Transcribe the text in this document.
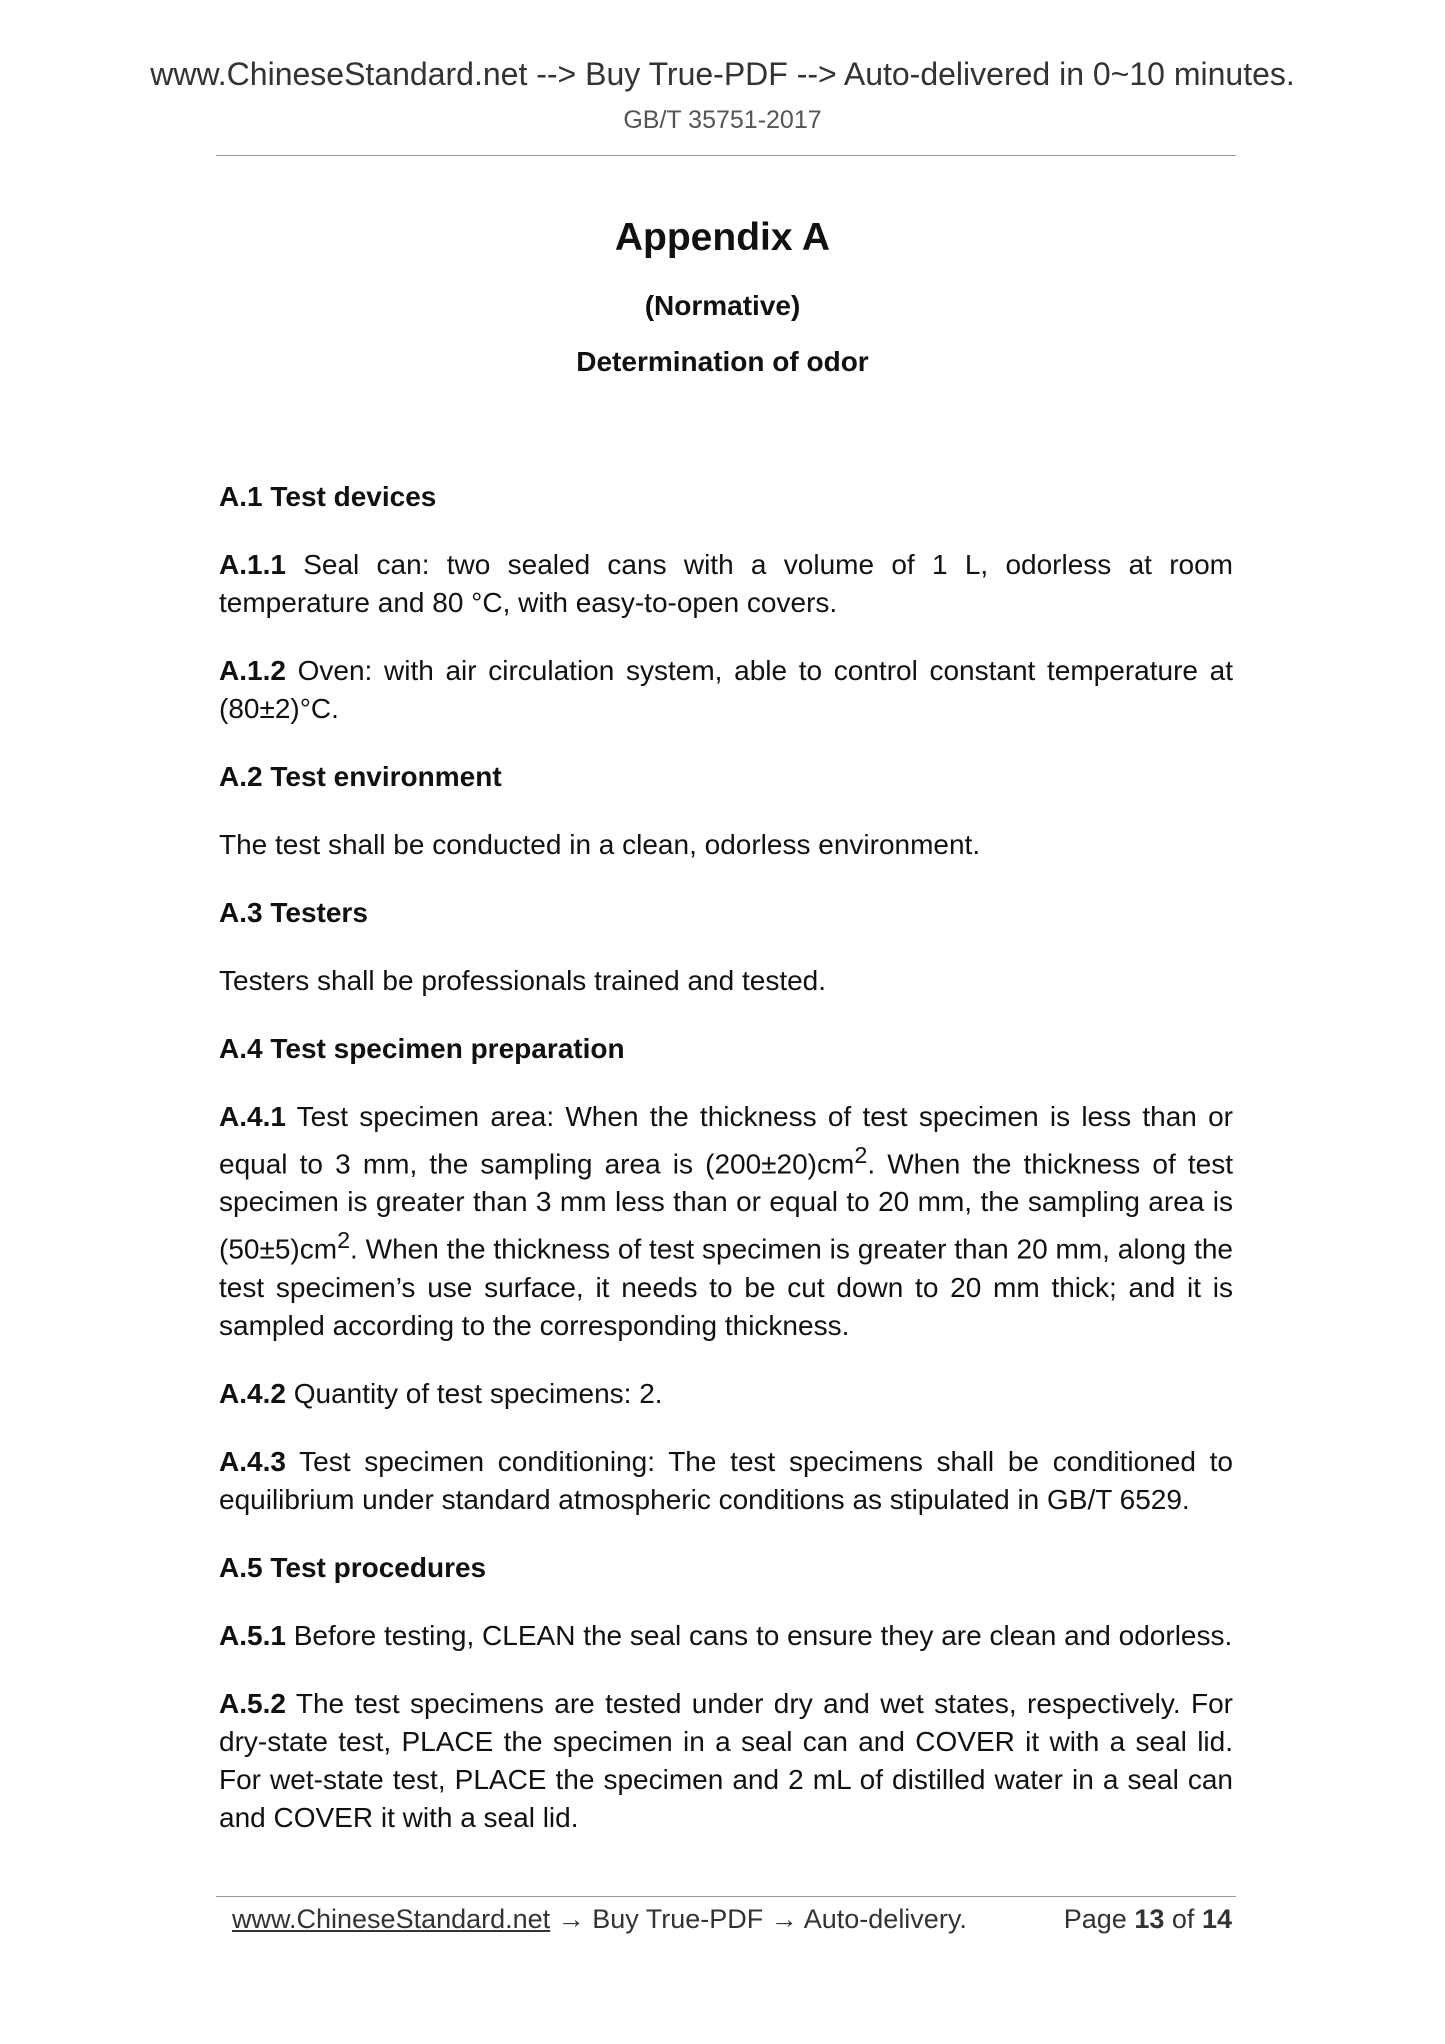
www.ChineseStandard.net --> Buy True-PDF --> Auto-delivered in 0~10 minutes.
GB/T 35751-2017
Appendix A
(Normative)
Determination of odor
A.1 Test devices

A.1.1 Seal can: two sealed cans with a volume of 1 L, odorless at room temperature and 80 °C, with easy-to-open covers.

A.1.2 Oven: with air circulation system, able to control constant temperature at (80±2)°C.

A.2 Test environment

The test shall be conducted in a clean, odorless environment.

A.3 Testers

Testers shall be professionals trained and tested.

A.4 Test specimen preparation

A.4.1 Test specimen area: When the thickness of test specimen is less than or equal to 3 mm, the sampling area is $(200\pm 20)cm^2$. When the thickness of test specimen is greater than 3 mm less than or equal to 20 mm, the sampling area is $(50\pm 5)cm^2$. When the thickness of test specimen is greater than 20 mm, along the test specimen’s use surface, it needs to be cut down to 20 mm thick; and it is sampled according to the corresponding thickness.

A.4.2 Quantity of test specimens: 2.

A.4.3 Test specimen conditioning: The test specimens shall be conditioned to equilibrium under standard atmospheric conditions as stipulated in GB/T 6529.

A.5 Test procedures

A.5.1 Before testing, CLEAN the seal cans to ensure they are clean and odorless.

A.5.2 The test specimens are tested under dry and wet states, respectively. For dry-state test, PLACE the specimen in a seal can and COVER it with a seal lid. For wet-state test, PLACE the specimen and 2 mL of distilled water in a seal can and COVER it with a seal lid.

www.ChineseStandard.net → Buy True-PDF → Auto-delivery.	Page 13 of 14
